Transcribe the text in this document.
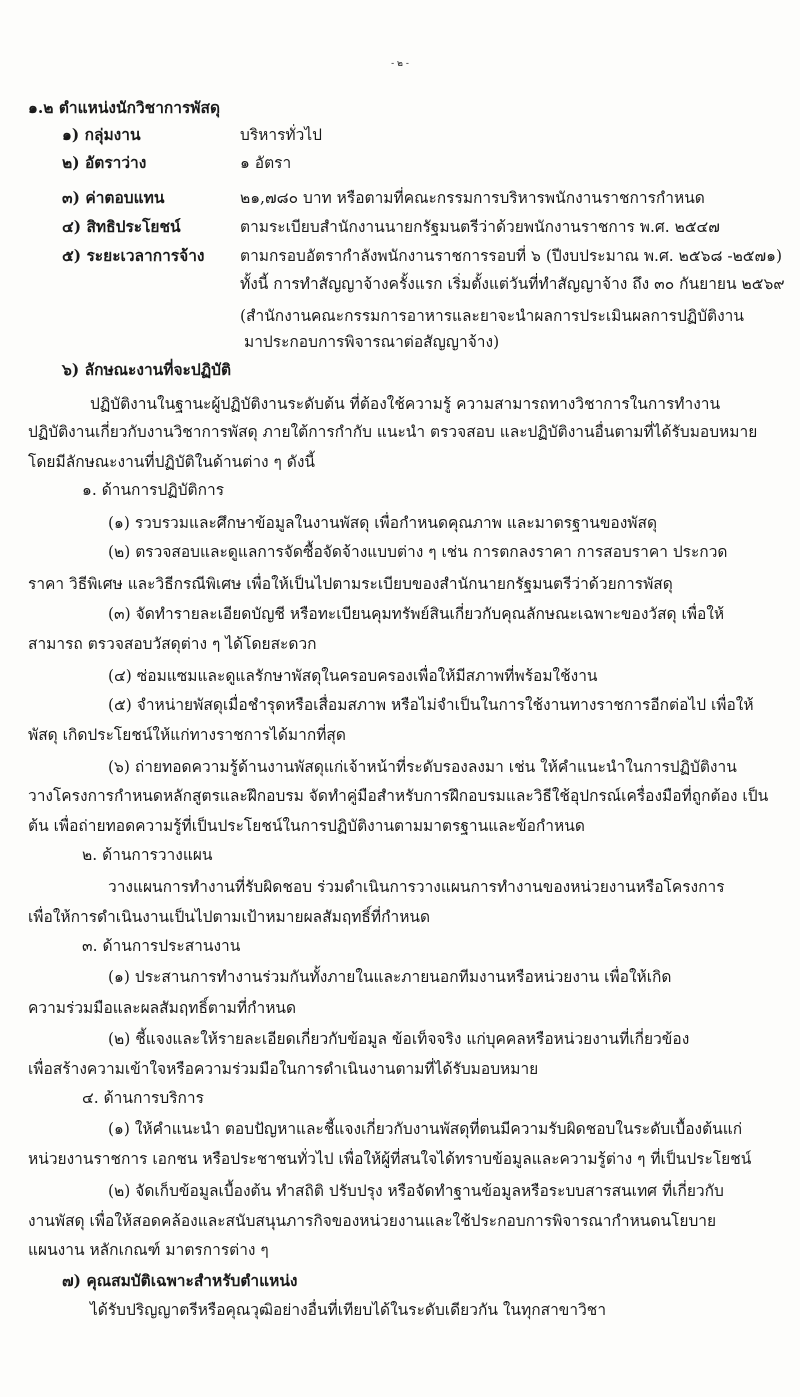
- ๒ -
๑.๒ ตำแหน่งนักวิชาการพัสดุ
๑) กลุ่มงาน	บริหารทั่วไป
๒) อัตราว่าง	๑ อัตรา
๓) ค่าตอบแทน	๒๑,๗๘๐ บาท หรือตามที่คณะกรรมการบริหารพนักงานราชการกำหนด
๔) สิทธิประโยชน์	ตามระเบียบสำนักงานนายกรัฐมนตรีว่าด้วยพนักงานราชการ พ.ศ. ๒๕๔๗
๕) ระยะเวลาการจ้าง ตามกรอบอัตรากำลังพนักงานราชการรอบที่ ๖ (ปีงบประมาณ พ.ศ. ๒๕๖๘ -๒๕๗๑)
ทั้งนี้ การทำสัญญาจ้างครั้งแรก เริ่มตั้งแต่วันที่ทำสัญญาจ้าง ถึง ๓๐ กันยายน ๒๕๖๙
(สำนักงานคณะกรรมการอาหารและยาจะนำผลการประเมินผลการปฏิบัติงาน
มาประกอบการพิจารณาต่อสัญญาจ้าง)
๖) ลักษณะงานที่จะปฏิบัติ
ปฏิบัติงานในฐานะผู้ปฏิบัติงานระดับต้น ที่ต้องใช้ความรู้ ความสามารถทางวิชาการในการทำงาน
ปฏิบัติงานเกี่ยวกับงานวิชาการพัสดุ ภายใต้การกำกับ แนะนำ ตรวจสอบ และปฏิบัติงานอื่นตามที่ได้รับมอบหมาย
โดยมีลักษณะงานที่ปฏิบัติในด้านต่าง ๆ ดังนี้
๑. ด้านการปฏิบัติการ
(๑) รวบรวมและศึกษาข้อมูลในงานพัสดุ เพื่อกำหนดคุณภาพ และมาตรฐานของพัสดุ
(๒) ตรวจสอบและดูแลการจัดซื้อจัดจ้างแบบต่าง ๆ เช่น การตกลงราคา การสอบราคา ประกวด
ราคา วิธีพิเศษ และวิธีกรณีพิเศษ เพื่อให้เป็นไปตามระเบียบของสำนักนายกรัฐมนตรีว่าด้วยการพัสดุ
(๓) จัดทำรายละเอียดบัญชี หรือทะเบียนคุมทรัพย์สินเกี่ยวกับคุณลักษณะเฉพาะของวัสดุ เพื่อให้
สามารถ ตรวจสอบวัสดุต่าง ๆ ได้โดยสะดวก
(๔) ซ่อมแซมและดูแลรักษาพัสดุในครอบครองเพื่อให้มีสภาพที่พร้อมใช้งาน
(๕) จำหน่ายพัสดุเมื่อชำรุดหรือเสื่อมสภาพ หรือไม่จำเป็นในการใช้งานทางราชการอีกต่อไป เพื่อให้
พัสดุ เกิดประโยชน์ให้แก่ทางราชการได้มากที่สุด
(๖) ถ่ายทอดความรู้ด้านงานพัสดุแก่เจ้าหน้าที่ระดับรองลงมา เช่น ให้คำแนะนำในการปฏิบัติงาน
วางโครงการกำหนดหลักสูตรและฝึกอบรม จัดทำคู่มือสำหรับการฝึกอบรมและวิธีใช้อุปกรณ์เครื่องมือที่ถูกต้อง เป็น
ต้น เพื่อถ่ายทอดความรู้ที่เป็นประโยชน์ในการปฏิบัติงานตามมาตรฐานและข้อกำหนด
๒. ด้านการวางแผน
วางแผนการทำงานที่รับผิดชอบ ร่วมดำเนินการวางแผนการทำงานของหน่วยงานหรือโครงการ
เพื่อให้การดำเนินงานเป็นไปตามเป้าหมายผลสัมฤทธิ์ที่กำหนด
๓. ด้านการประสานงาน
(๑) ประสานการทำงานร่วมกันทั้งภายในและภายนอกทีมงานหรือหน่วยงาน เพื่อให้เกิด
ความร่วมมือและผลสัมฤทธิ์ตามที่กำหนด
(๒) ชี้แจงและให้รายละเอียดเกี่ยวกับข้อมูล ข้อเท็จจริง แก่บุคคลหรือหน่วยงานที่เกี่ยวข้อง
เพื่อสร้างความเข้าใจหรือความร่วมมือในการดำเนินงานตามที่ได้รับมอบหมาย
๔. ด้านการบริการ
(๑) ให้คำแนะนำ ตอบปัญหาและชี้แจงเกี่ยวกับงานพัสดุที่ตนมีความรับผิดชอบในระดับเบื้องต้นแก่
หน่วยงานราชการ เอกชน หรือประชาชนทั่วไป เพื่อให้ผู้ที่สนใจได้ทราบข้อมูลและความรู้ต่าง ๆ ที่เป็นประโยชน์
(๒) จัดเก็บข้อมูลเบื้องต้น ทำสถิติ ปรับปรุง หรือจัดทำฐานข้อมูลหรือระบบสารสนเทศ ที่เกี่ยวกับ
งานพัสดุ เพื่อให้สอดคล้องและสนับสนุนภารกิจของหน่วยงานและใช้ประกอบการพิจารณากำหนดนโยบาย
แผนงาน หลักเกณฑ์ มาตรการต่าง ๆ
๗) คุณสมบัติเฉพาะสำหรับตำแหน่ง
ได้รับปริญญาตรีหรือคุณวุฒิอย่างอื่นที่เทียบได้ในระดับเดียวกัน ในทุกสาขาวิชา
